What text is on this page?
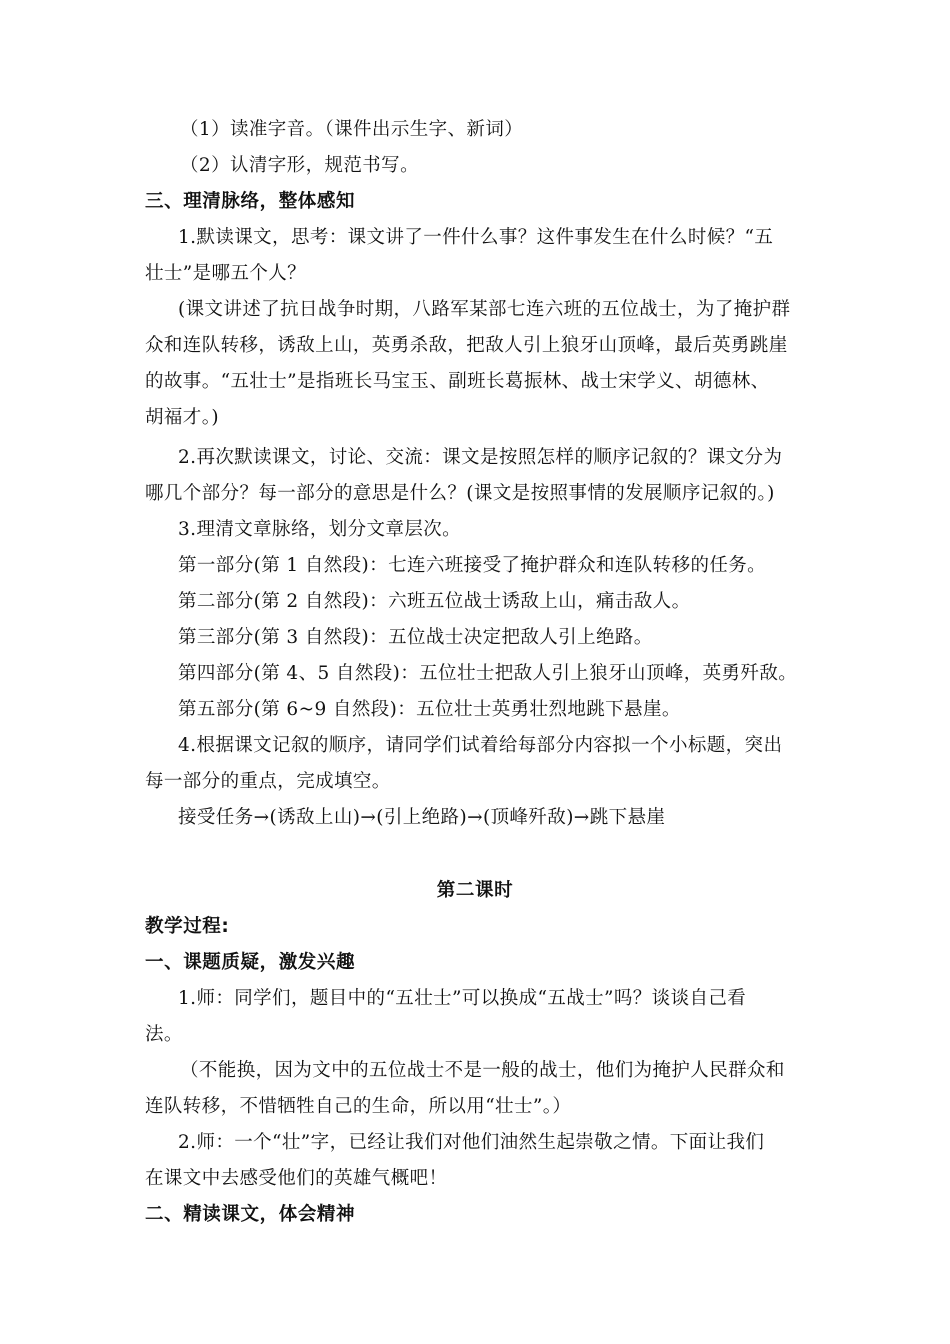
（1）读准字音。（课件出示生字、新词）
（2）认清字形，规范书写。
三、理清脉络，整体感知
1.默读课文，思考：课文讲了一件什么事？这件事发生在什么时候？“五
壮士”是哪五个人？
(课文讲述了抗日战争时期，八路军某部七连六班的五位战士，为了掩护群
众和连队转移，诱敌上山，英勇杀敌，把敌人引上狼牙山顶峰，最后英勇跳崖
的故事。“五壮士”是指班长马宝玉、副班长葛振林、战士宋学义、胡德林、
胡福才。)
2.再次默读课文，讨论、交流：课文是按照怎样的顺序记叙的？课文分为
哪几个部分？每一部分的意思是什么？(课文是按照事情的发展顺序记叙的。)
3.理清文章脉络，划分文章层次。
第一部分(第 1 自然段)：七连六班接受了掩护群众和连队转移的任务。
第二部分(第 2 自然段)：六班五位战士诱敌上山，痛击敌人。
第三部分(第 3 自然段)：五位战士决定把敌人引上绝路。
第四部分(第 4、5 自然段)：五位壮士把敌人引上狼牙山顶峰，英勇歼敌。
第五部分(第 6~9 自然段)：五位壮士英勇壮烈地跳下悬崖。
4.根据课文记叙的顺序，请同学们试着给每部分内容拟一个小标题，突出
每一部分的重点，完成填空。
接受任务→(诱敌上山)→(引上绝路)→(顶峰歼敌)→跳下悬崖
第二课时
教学过程:
一、课题质疑，激发兴趣
1.师：同学们，题目中的“五壮士”可以换成“五战士”吗？谈谈自己看
法。
（不能换，因为文中的五位战士不是一般的战士，他们为掩护人民群众和
连队转移，不惜牺牲自己的生命，所以用“壮士”。）
2.师：一个“壮”字，已经让我们对他们油然生起崇敬之情。下面让我们
在课文中去感受他们的英雄气概吧！
二、精读课文，体会精神
